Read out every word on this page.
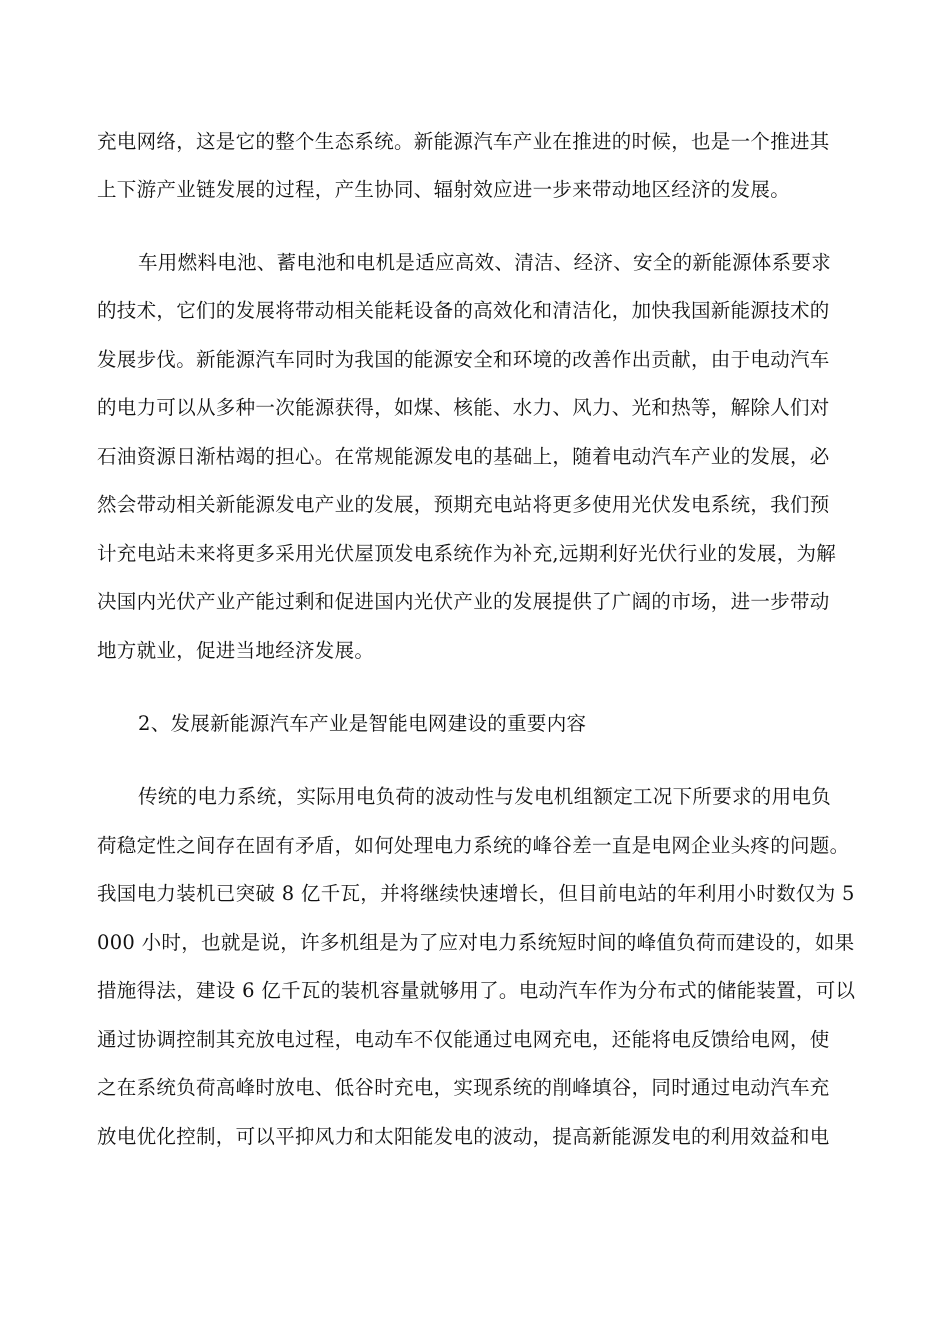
充电网络，这是它的整个生态系统。新能源汽车产业在推进的时候，也是一个推进其
上下游产业链发展的过程，产生协同、辐射效应进一步来带动地区经济的发展。
车用燃料电池、蓄电池和电机是适应高效、清洁、经济、安全的新能源体系要求
的技术，它们的发展将带动相关能耗设备的高效化和清洁化，加快我国新能源技术的
发展步伐。新能源汽车同时为我国的能源安全和环境的改善作出贡献，由于电动汽车
的电力可以从多种一次能源获得，如煤、核能、水力、风力、光和热等，解除人们对
石油资源日渐枯竭的担心。在常规能源发电的基础上，随着电动汽车产业的发展，必
然会带动相关新能源发电产业的发展，预期充电站将更多使用光伏发电系统，我们预
计充电站未来将更多采用光伏屋顶发电系统作为补充,远期利好光伏行业的发展，为解
决国内光伏产业产能过剩和促进国内光伏产业的发展提供了广阔的市场，进一步带动
地方就业，促进当地经济发展。
2、发展新能源汽车产业是智能电网建设的重要内容
传统的电力系统，实际用电负荷的波动性与发电机组额定工况下所要求的用电负
荷稳定性之间存在固有矛盾，如何处理电力系统的峰谷差一直是电网企业头疼的问题。
我国电力装机已突破 8 亿千瓦，并将继续快速增长，但目前电站的年利用小时数仅为 5
000 小时，也就是说，许多机组是为了应对电力系统短时间的峰值负荷而建设的，如果
措施得法，建设 6 亿千瓦的装机容量就够用了。电动汽车作为分布式的储能装置，可以
通过协调控制其充放电过程，电动车不仅能通过电网充电，还能将电反馈给电网，使
之在系统负荷高峰时放电、低谷时充电，实现系统的削峰填谷，同时通过电动汽车充
放电优化控制，可以平抑风力和太阳能发电的波动，提高新能源发电的利用效益和电
